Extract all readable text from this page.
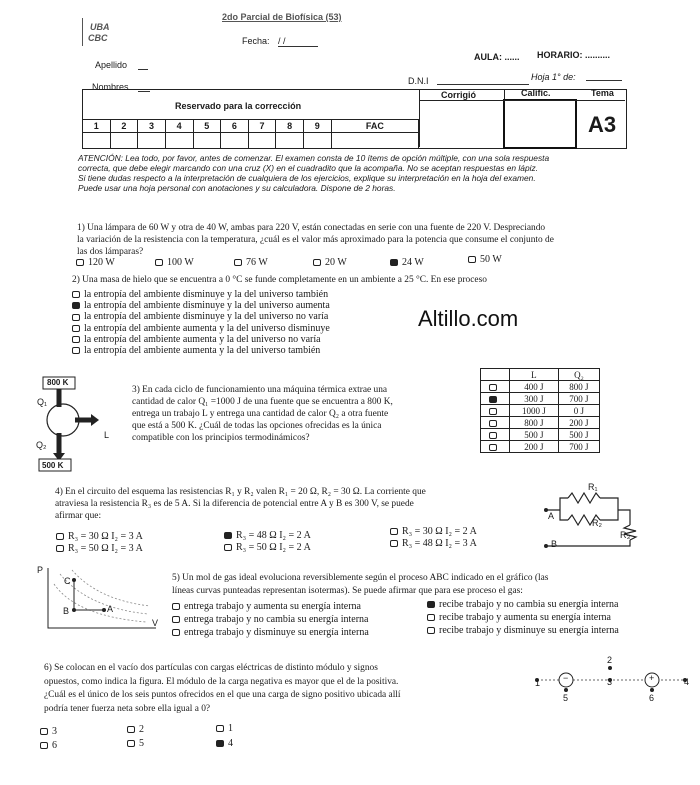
UBA
CBC
2do Parcial de Biofísica (53)
Fecha: / /
Apellido
AULA: ...... HORARIO: ..........
Nombres
D.N.I	Hoja 1° de:
Reservado para la corrección
1	2	3	4	5	6	7	8	9	FAC

Corrigió	Calific.	Tema
A3
ATENCIÓN: Lea todo, por favor, antes de comenzar. El examen consta de 10 ítems de opción múltiple, con una sola respuesta
correcta, que debe elegir marcando con una cruz (X) en el cuadradito que la acompaña. No se aceptan respuestas en lápiz.
Si tiene dudas respecto a la interpretación de cualquiera de los ejercicios, explique su interpretación en la hoja del examen.
Puede usar una hoja personal con anotaciones y su calculadora. Dispone de 2 horas.
1) Una lámpara de 60 W y otra de 40 W, ambas para 220 V, están conectadas en serie con una fuente de 220 V. Despreciando
la variación de la resistencia con la temperatura, ¿cuál es el valor más aproximado para la potencia que consume el conjunto de
las dos lámparas?
120 W	100 W	76 W	20 W	24 W	50 W
2) Una masa de hielo que se encuentra a 0 °C se funde completamente en un ambiente a 25 °C. En ese proceso
la entropía del ambiente disminuye y la del universo también
la entropía del ambiente disminuye y la del universo aumenta
la entropía del ambiente disminuye y la del universo no varía
la entropía del ambiente aumenta y la del universo disminuye
la entropía del ambiente aumenta y la del universo no varía
la entropía del ambiente aumenta y la del universo también
Altillo.com
800 K
Q₁
L
Q₂
500 K
3) En cada ciclo de funcionamiento una máquina térmica extrae una
cantidad de calor Q₁ =1000 J de una fuente que se encuentra a 800 K,
entrega un trabajo L y entrega una cantidad de calor Q₂ a otra fuente
que está a 500 K. ¿Cuál de todas las opciones ofrecidas es la única
compatible con los principios termodinámicos?
	L	Q₂
	400 J	800 J
	300 J	700 J
	1000 J	0 J
	800 J	200 J
	500 J	500 J
	200 J	700 J
4) En el circuito del esquema las resistencias R₁ y R₂ valen R₁ = 20 Ω, R₂ = 30 Ω. La corriente que
atraviesa la resistencia R₃ es de 5 A. Si la diferencia de potencial entre A y B es 300 V, se puede
afirmar que:
R₃ = 30 Ω I₂ = 3 A	R₃ = 48 Ω I₂ = 2 A	R₃ = 30 Ω I₂ = 2 A
R₃ = 50 Ω I₂ = 3 A	R₃ = 50 Ω I₂ = 2 A	R₃ = 48 Ω I₂ = 3 A
R₁
R₂
R₃
A
B
P
V
A
B
C	5) Un mol de gas ideal evoluciona reversiblemente según el proceso ABC indicado en el gráfico (las
líneas curvas punteadas representan isotermas). Se puede afirmar que para ese proceso el gas:
entrega trabajo y aumenta su energía interna	recibe trabajo y no cambia su energía interna
entrega trabajo y no cambia su energía interna	recibe trabajo y aumenta su energía interna
entrega trabajo y disminuye su energía interna	recibe trabajo y disminuye su energía interna
6) Se colocan en el vacío dos partículas con cargas eléctricas de distinto módulo y signos
opuestos, como indica la figura. El módulo de la carga negativa es mayor que el de la positiva.
¿Cuál es el único de los seis puntos ofrecidos en el que una carga de signo positivo ubicada allí
podría tener fuerza neta sobre ella igual a 0?
3	2	1
6	5	4
−	+
1
2
3	4
5	6
